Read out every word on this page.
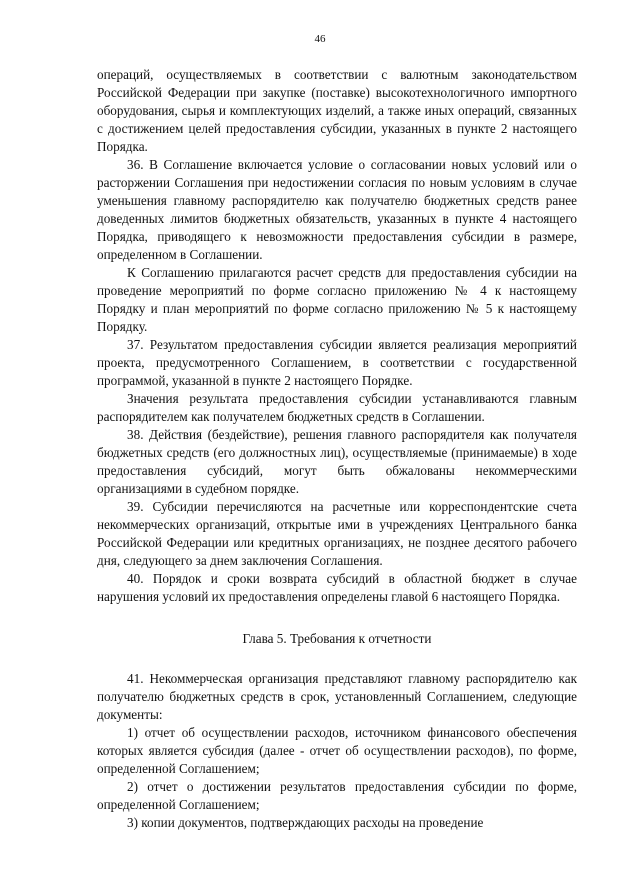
46

операций, осуществляемых в соответствии с валютным законодательством Российской Федерации при закупке (поставке) высокотехнологичного импортного оборудования, сырья и комплектующих изделий, а также иных операций, связанных с достижением целей предоставления субсидии, указанных в пункте 2 настоящего Порядка.

36. В Соглашение включается условие о согласовании новых условий или о расторжении Соглашения при недостижении согласия по новым условиям в случае уменьшения главному распорядителю как получателю бюджетных средств ранее доведенных лимитов бюджетных обязательств, указанных в пункте 4 настоящего Порядка, приводящего к невозможности предоставления субсидии в размере, определенном в Соглашении.

К Соглашению прилагаются расчет средств для предоставления субсидии на проведение мероприятий по форме согласно приложению № 4 к настоящему Порядку и план мероприятий по форме согласно приложению № 5 к настоящему Порядку.

37. Результатом предоставления субсидии является реализация мероприятий проекта, предусмотренного Соглашением, в соответствии с государственной программой, указанной в пункте 2 настоящего Порядке.

Значения результата предоставления субсидии устанавливаются главным распорядителем как получателем бюджетных средств в Соглашении.

38. Действия (бездействие), решения главного распорядителя как получателя бюджетных средств (его должностных лиц), осуществляемые (принимаемые) в ходе предоставления субсидий, могут быть обжалованы некоммерческими организациями в судебном порядке.

39. Субсидии перечисляются на расчетные или корреспондентские счета некоммерческих организаций, открытые ими в учреждениях Центрального банка Российской Федерации или кредитных организациях, не позднее десятого рабочего дня, следующего за днем заключения Соглашения.

40. Порядок и сроки возврата субсидий в областной бюджет в случае нарушения условий их предоставления определены главой 6 настоящего Порядка.

Глава 5. Требования к отчетности

41. Некоммерческая организация представляют главному распорядителю как получателю бюджетных средств в срок, установленный Соглашением, следующие документы:

1) отчет об осуществлении расходов, источником финансового обеспечения которых является субсидия (далее - отчет об осуществлении расходов), по форме, определенной Соглашением;

2) отчет о достижении результатов предоставления субсидии по форме, определенной Соглашением;

3) копии документов, подтверждающих расходы на проведение
